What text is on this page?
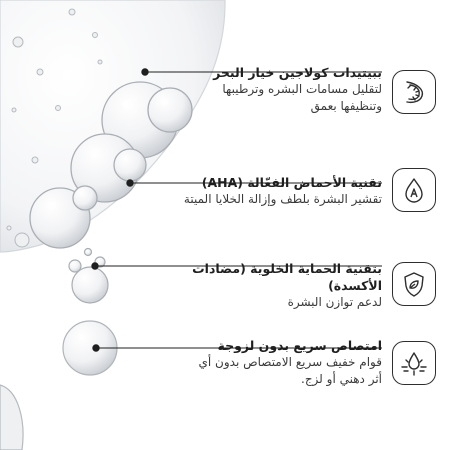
ببيتيدات كولاجين خيار البحر
لتقليل مسامات البشره وترطيبها
وتنظيفها بعمق
تقنية الأحماض الفعّالة (AHA)
تقشير البشرة بلطف وإزالة الخلايا الميتة
بتقنية الحماية الخلوية (مضادات الأكسدة)
لدعم توازن البشرة
امتصاص سريع بدون لزوجة
قوام خفيف سريع الامتصاص بدون أي
أثر دهني أو لزج.
